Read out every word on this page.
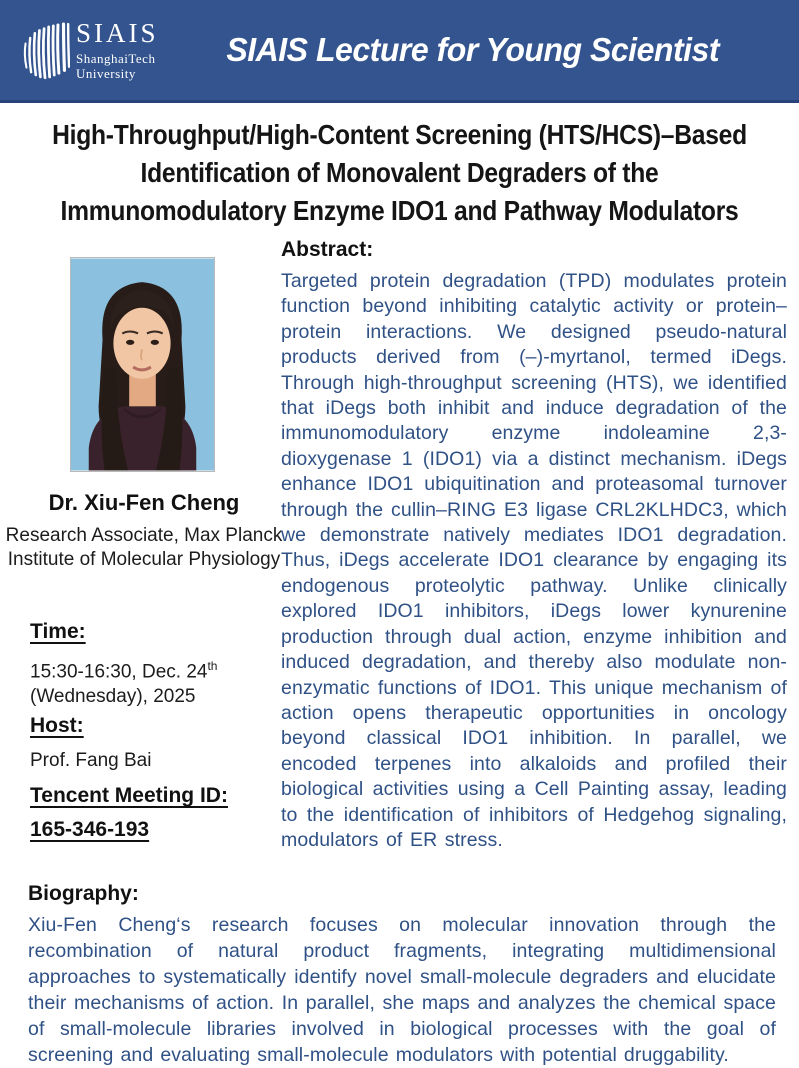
SIAIS
ShanghaiTech
University
SIAIS Lecture for Young Scientist
High-Throughput/High-Content Screening (HTS/HCS)–Based
Identification of Monovalent Degraders of the
Immunomodulatory Enzyme IDO1 and Pathway Modulators
Dr. Xiu-Fen Cheng
Research Associate, Max Planck Institute of Molecular Physiology
Time:
15:30-16:30, Dec. 24th
(Wednesday), 2025
Host:
Prof. Fang Bai
Tencent Meeting ID:
165-346-193
Abstract:
Targeted protein degradation (TPD) modulates protein function beyond inhibiting catalytic activity or protein–protein interactions. We designed pseudo-natural products derived from (–)-myrtanol, termed iDegs. Through high-throughput screening (HTS), we identified that iDegs both inhibit and induce degradation of the immunomodulatory enzyme indoleamine 2,3-dioxygenase 1 (IDO1) via a distinct mechanism. iDegs enhance IDO1 ubiquitination and proteasomal turnover through the cullin–RING E3 ligase CRL2KLHDC3, which we demonstrate natively mediates IDO1 degradation. Thus, iDegs accelerate IDO1 clearance by engaging its endogenous proteolytic pathway. Unlike clinically explored IDO1 inhibitors, iDegs lower kynurenine production through dual action, enzyme inhibition and induced degradation, and thereby also modulate non-enzymatic functions of IDO1. This unique mechanism of action opens therapeutic opportunities in oncology beyond classical IDO1 inhibition. In parallel, we encoded terpenes into alkaloids and profiled their biological activities using a Cell Painting assay, leading to the identification of inhibitors of Hedgehog signaling, modulators of ER stress.
Biography:
Xiu-Fen Cheng‘s research focuses on molecular innovation through the recombination of natural product fragments, integrating multidimensional approaches to systematically identify novel small-molecule degraders and elucidate their mechanisms of action. In parallel, she maps and analyzes the chemical space of small-molecule libraries involved in biological processes with the goal of screening and evaluating small-molecule modulators with potential druggability.
